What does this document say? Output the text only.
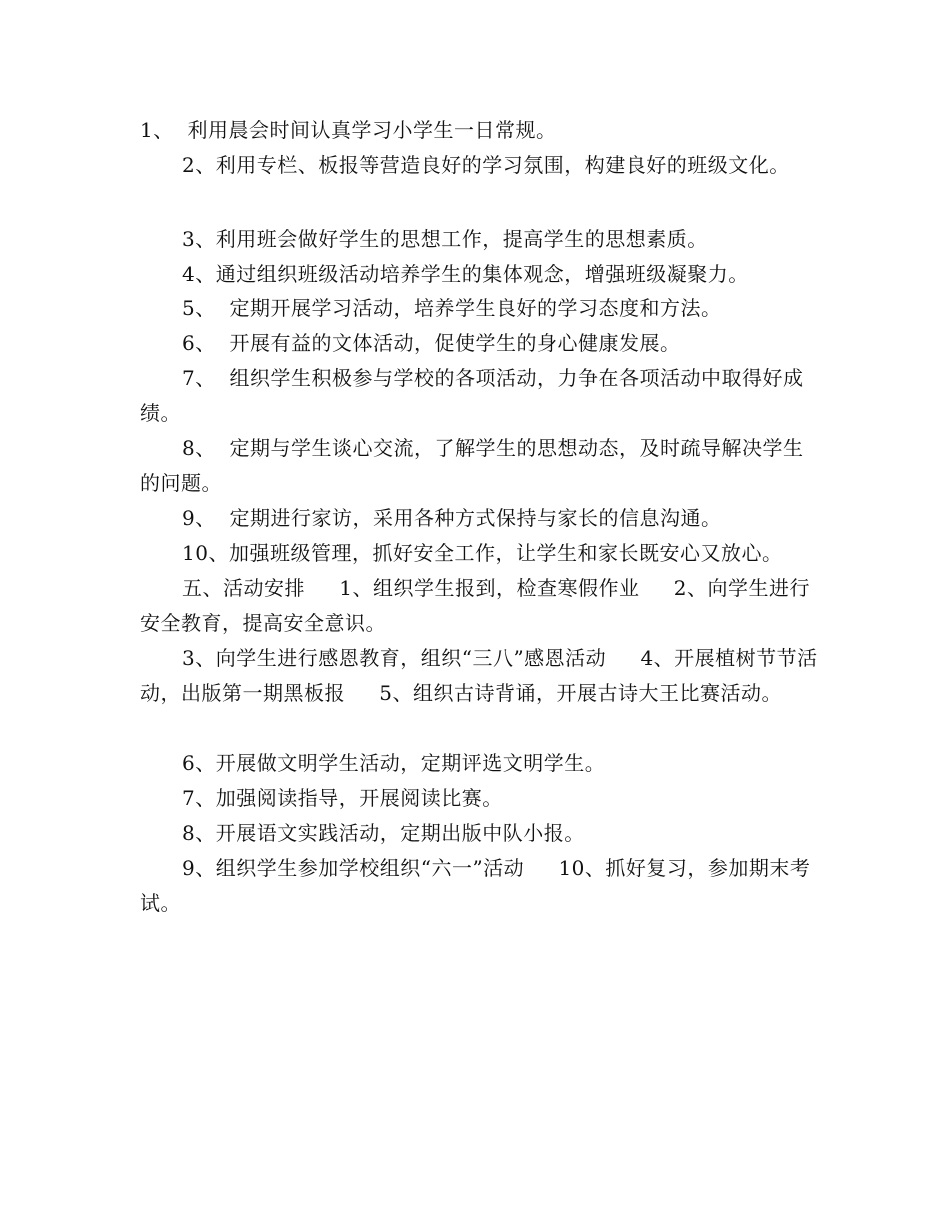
1、  利用晨会时间认真学习小学生一日常规。
2、利用专栏、板报等营造良好的学习氛围，构建良好的班级文化。
3、利用班会做好学生的思想工作，提高学生的思想素质。
4、通过组织班级活动培养学生的集体观念，增强班级凝聚力。
5、  定期开展学习活动，培养学生良好的学习态度和方法。
6、  开展有益的文体活动，促使学生的身心健康发展。
7、  组织学生积极参与学校的各项活动，力争在各项活动中取得好成绩。
8、  定期与学生谈心交流，了解学生的思想动态，及时疏导解决学生的问题。
9、  定期进行家访，采用各种方式保持与家长的信息沟通。
10、加强班级管理，抓好安全工作，让学生和家长既安心又放心。
五、活动安排     1、组织学生报到，检查寒假作业     2、向学生进行安全教育，提高安全意识。
3、向学生进行感恩教育，组织“三八”感恩活动     4、开展植树节节活动，出版第一期黑板报     5、组织古诗背诵，开展古诗大王比赛活动。
6、开展做文明学生活动，定期评选文明学生。
7、加强阅读指导，开展阅读比赛。
8、开展语文实践活动，定期出版中队小报。
9、组织学生参加学校组织“六一”活动     10、抓好复习，参加期末考试。
